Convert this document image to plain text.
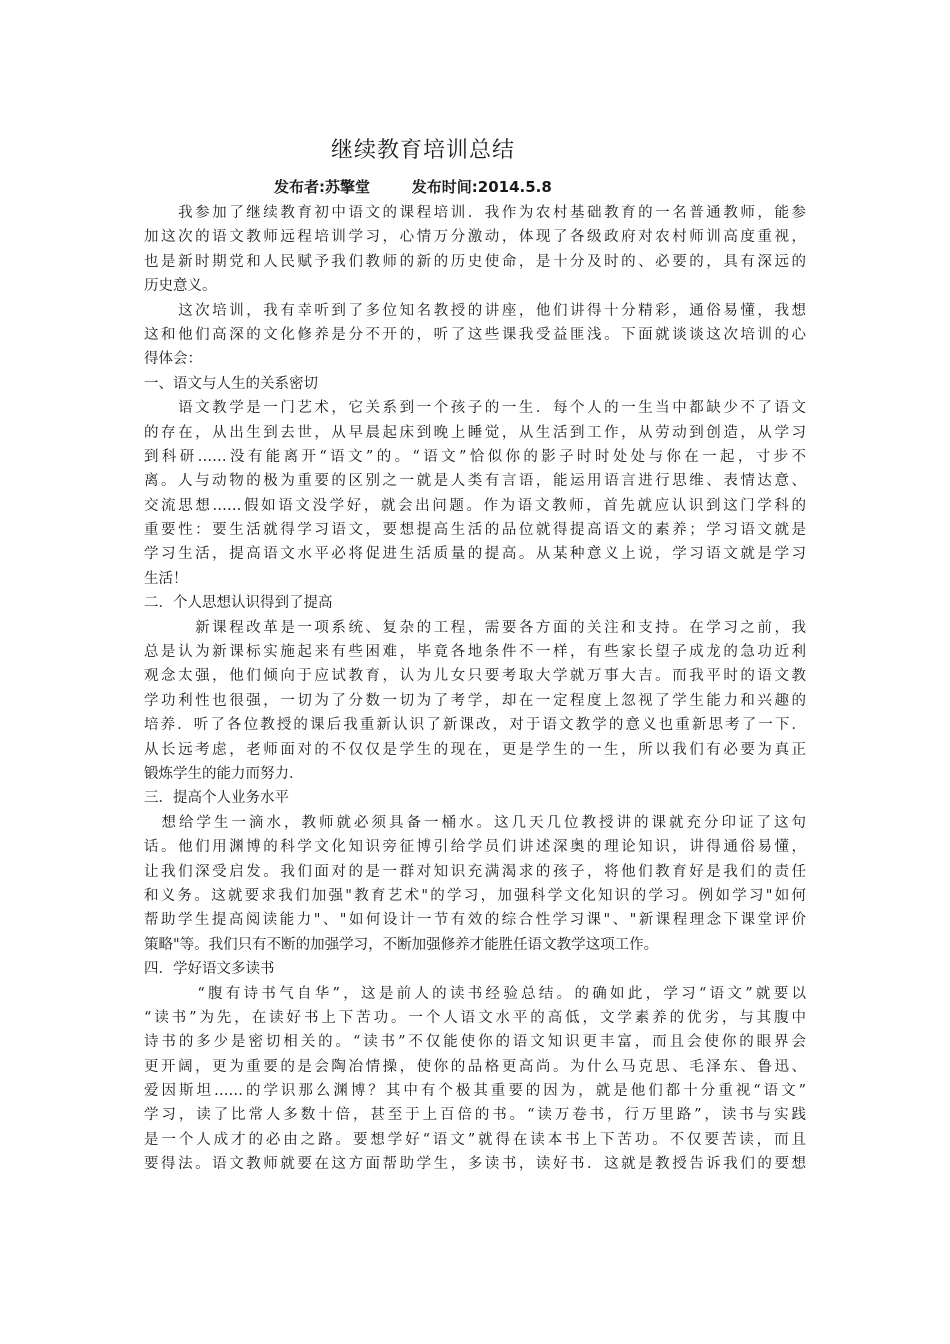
继续教育培训总结
发布者:苏擎堂	发布时间:2014.5.8
　　我参加了继续教育初中语文的课程培训．我作为农村基础教育的一名普通教师，能参
加这次的语文教师远程培训学习，心情万分激动，体现了各级政府对农村师训高度重视，
也是新时期党和人民赋予我们教师的新的历史使命，是十分及时的、必要的，具有深远的
历史意义。
　　这次培训，我有幸听到了多位知名教授的讲座，他们讲得十分精彩，通俗易懂，我想
这和他们高深的文化修养是分不开的，听了这些课我受益匪浅。下面就谈谈这次培训的心
得体会：
一、语文与人生的关系密切
　　语文教学是一门艺术，它关系到一个孩子的一生．每个人的一生当中都缺少不了语文
的存在，从出生到去世，从早晨起床到晚上睡觉，从生活到工作，从劳动到创造，从学习
到科研……没有能离开“语文”的。“语文”恰似你的影子时时处处与你在一起，寸步不
离。人与动物的极为重要的区别之一就是人类有言语，能运用语言进行思维、表情达意、
交流思想……假如语文没学好，就会出问题。作为语文教师，首先就应认识到这门学科的
重要性：要生活就得学习语文，要想提高生活的品位就得提高语文的素养；学习语文就是
学习生活，提高语文水平必将促进生活质量的提高。从某种意义上说，学习语文就是学习
生活！
二．个人思想认识得到了提高
　　　新课程改革是一项系统、复杂的工程，需要各方面的关注和支持。在学习之前，我
总是认为新课标实施起来有些困难，毕竟各地条件不一样，有些家长望子成龙的急功近利
观念太强，他们倾向于应试教育，认为儿女只要考取大学就万事大吉。而我平时的语文教
学功利性也很强，一切为了分数一切为了考学，却在一定程度上忽视了学生能力和兴趣的
培养．听了各位教授的课后我重新认识了新课改，对于语文教学的意义也重新思考了一下．
从长远考虑，老师面对的不仅仅是学生的现在，更是学生的一生，所以我们有必要为真正
锻炼学生的能力而努力．
三．提高个人业务水平
　想给学生一滴水，教师就必须具备一桶水。这几天几位教授讲的课就充分印证了这句
话。他们用渊博的科学文化知识旁征博引给学员们讲述深奥的理论知识，讲得通俗易懂，
让我们深受启发。我们面对的是一群对知识充满渴求的孩子，将他们教育好是我们的责任
和义务。这就要求我们加强"教育艺术"的学习，加强科学文化知识的学习。例如学习"如何
帮助学生提高阅读能力"、"如何设计一节有效的综合性学习课"、"新课程理念下课堂评价
策略"等。我们只有不断的加强学习，不断加强修养才能胜任语文教学这项工作。
四．学好语文多读书
　　　“腹有诗书气自华”，这是前人的读书经验总结。的确如此，学习“语文”就要以
“读书”为先，在读好书上下苦功。一个人语文水平的高低，文学素养的优劣，与其腹中
诗书的多少是密切相关的。“读书”不仅能使你的语文知识更丰富，而且会使你的眼界会
更开阔，更为重要的是会陶冶情操，使你的品格更高尚。为什么马克思、毛泽东、鲁迅、
爱因斯坦……的学识那么渊博？其中有个极其重要的因为，就是他们都十分重视“语文”
学习，读了比常人多数十倍，甚至于上百倍的书。“读万卷书，行万里路”，读书与实践
是一个人成才的必由之路。要想学好“语文”就得在读本书上下苦功。不仅要苦读，而且
要得法。语文教师就要在这方面帮助学生，多读书，读好书．这就是教授告诉我们的要想
